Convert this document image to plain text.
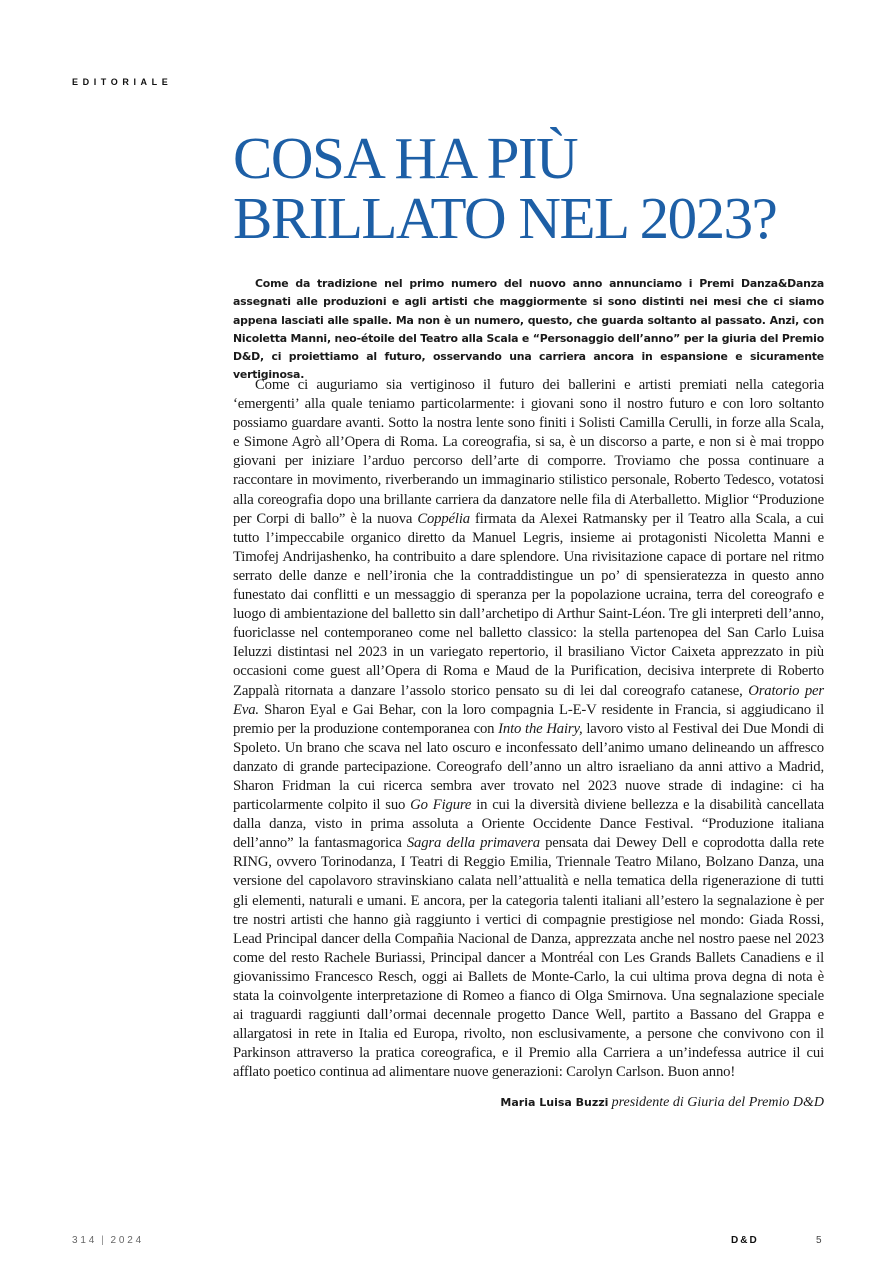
EDITORIALE
COSA HA PIÙ
BRILLATO NEL 2023?

Come da tradizione nel primo numero del nuovo anno annunciamo i Premi Danza&Danza assegnati alle produzioni e agli artisti che maggiormente si sono distinti nei mesi che ci siamo appena lasciati alle spalle. Ma non è un numero, questo, che guarda soltanto al passato. Anzi, con Nicoletta Manni, neo-étoile del Teatro alla Scala e “Personaggio dell’anno” per la giuria del Premio D&D, ci proiettiamo al futuro, osservando una carriera ancora in espansione e sicuramente vertiginosa.

Come ci auguriamo sia vertiginoso il futuro dei ballerini e artisti premiati nella categoria ‘emergenti’ alla quale teniamo particolarmente: i giovani sono il nostro futuro e con loro soltanto possiamo guardare avanti. Sotto la nostra lente sono finiti i Solisti Camilla Cerulli, in forze alla Scala, e Simone Agrò all’Opera di Roma. La coreografia, si sa, è un discorso a parte, e non si è mai troppo giovani per iniziare l’arduo percorso dell’arte di comporre. Troviamo che possa continuare a raccontare in movimento, riverberando un immaginario stilistico personale, Roberto Tedesco, votatosi alla coreografia dopo una brillante carriera da danzatore nelle fila di Aterballetto. Miglior “Produzione per Corpi di ballo” è la nuova Coppélia firmata da Alexei Ratmansky per il Teatro alla Scala, a cui tutto l’impeccabile organico diretto da Manuel Legris, insieme ai protagonisti Nicoletta Manni e Timofej Andrijashenko, ha contribuito a dare splendore. Una rivisitazione capace di portare nel ritmo serrato delle danze e nell’ironia che la contraddistingue un po’ di spensieratezza in questo anno funestato dai conflitti e un messaggio di speranza per la popolazione ucraina, terra del coreografo e luogo di ambientazione del balletto sin dall’archetipo di Arthur Saint-Léon. Tre gli interpreti dell’anno, fuoriclasse nel contemporaneo come nel balletto classico: la stella partenopea del San Carlo Luisa Ieluzzi distintasi nel 2023 in un variegato repertorio, il brasiliano Victor Caixeta apprezzato in più occasioni come guest all’Opera di Roma e Maud de la Purification, decisiva interprete di Roberto Zappalà ritornata a danzare l’assolo storico pensato su di lei dal coreografo catanese, Oratorio per Eva. Sharon Eyal e Gai Behar, con la loro compagnia L-E-V residente in Francia, si aggiudicano il premio per la produzione contemporanea con Into the Hairy, lavoro visto al Festival dei Due Mondi di Spoleto. Un brano che scava nel lato oscuro e inconfessato dell’animo umano delineando un affresco danzato di grande partecipazione. Coreografo dell’anno un altro israeliano da anni attivo a Madrid, Sharon Fridman la cui ricerca sembra aver trovato nel 2023 nuove strade di indagine: ci ha particolarmente colpito il suo Go Figure in cui la diversità diviene bellezza e la disabilità cancellata dalla danza, visto in prima assoluta a Oriente Occidente Dance Festival. “Produzione italiana dell’anno” la fantasmagorica Sagra della primavera pensata dai Dewey Dell e coprodotta dalla rete RING, ovvero Torinodanza, I Teatri di Reggio Emilia, Triennale Teatro Milano, Bolzano Danza, una versione del capolavoro stravinskiano calata nell’attualità e nella tematica della rigenerazione di tutti gli elementi, naturali e umani. E ancora, per la categoria talenti italiani all’estero la segnalazione è per tre nostri artisti che hanno già raggiunto i vertici di compagnie prestigiose nel mondo: Giada Rossi, Lead Principal dancer della Compañia Nacional de Danza, apprezzata anche nel nostro paese nel 2023 come del resto Rachele Buriassi, Principal dancer a Montréal con Les Grands Ballets Canadiens e il giovanissimo Francesco Resch, oggi ai Ballets de Monte-Carlo, la cui ultima prova degna di nota è stata la coinvolgente interpretazione di Romeo a fianco di Olga Smirnova. Una segnalazione speciale ai traguardi raggiunti dall’ormai decennale progetto Dance Well, partito a Bassano del Grappa e allargatosi in rete in Italia ed Europa, rivolto, non esclusivamente, a persone che convivono con il Parkinson attraverso la pratica coreografica, e il Premio alla Carriera a un’indefessa autrice il cui afflato poetico continua ad alimentare nuove generazioni: Carolyn Carlson. Buon anno!

Maria Luisa Buzzi presidente di Giuria del Premio D&D

314 | 2024	D&D	5
